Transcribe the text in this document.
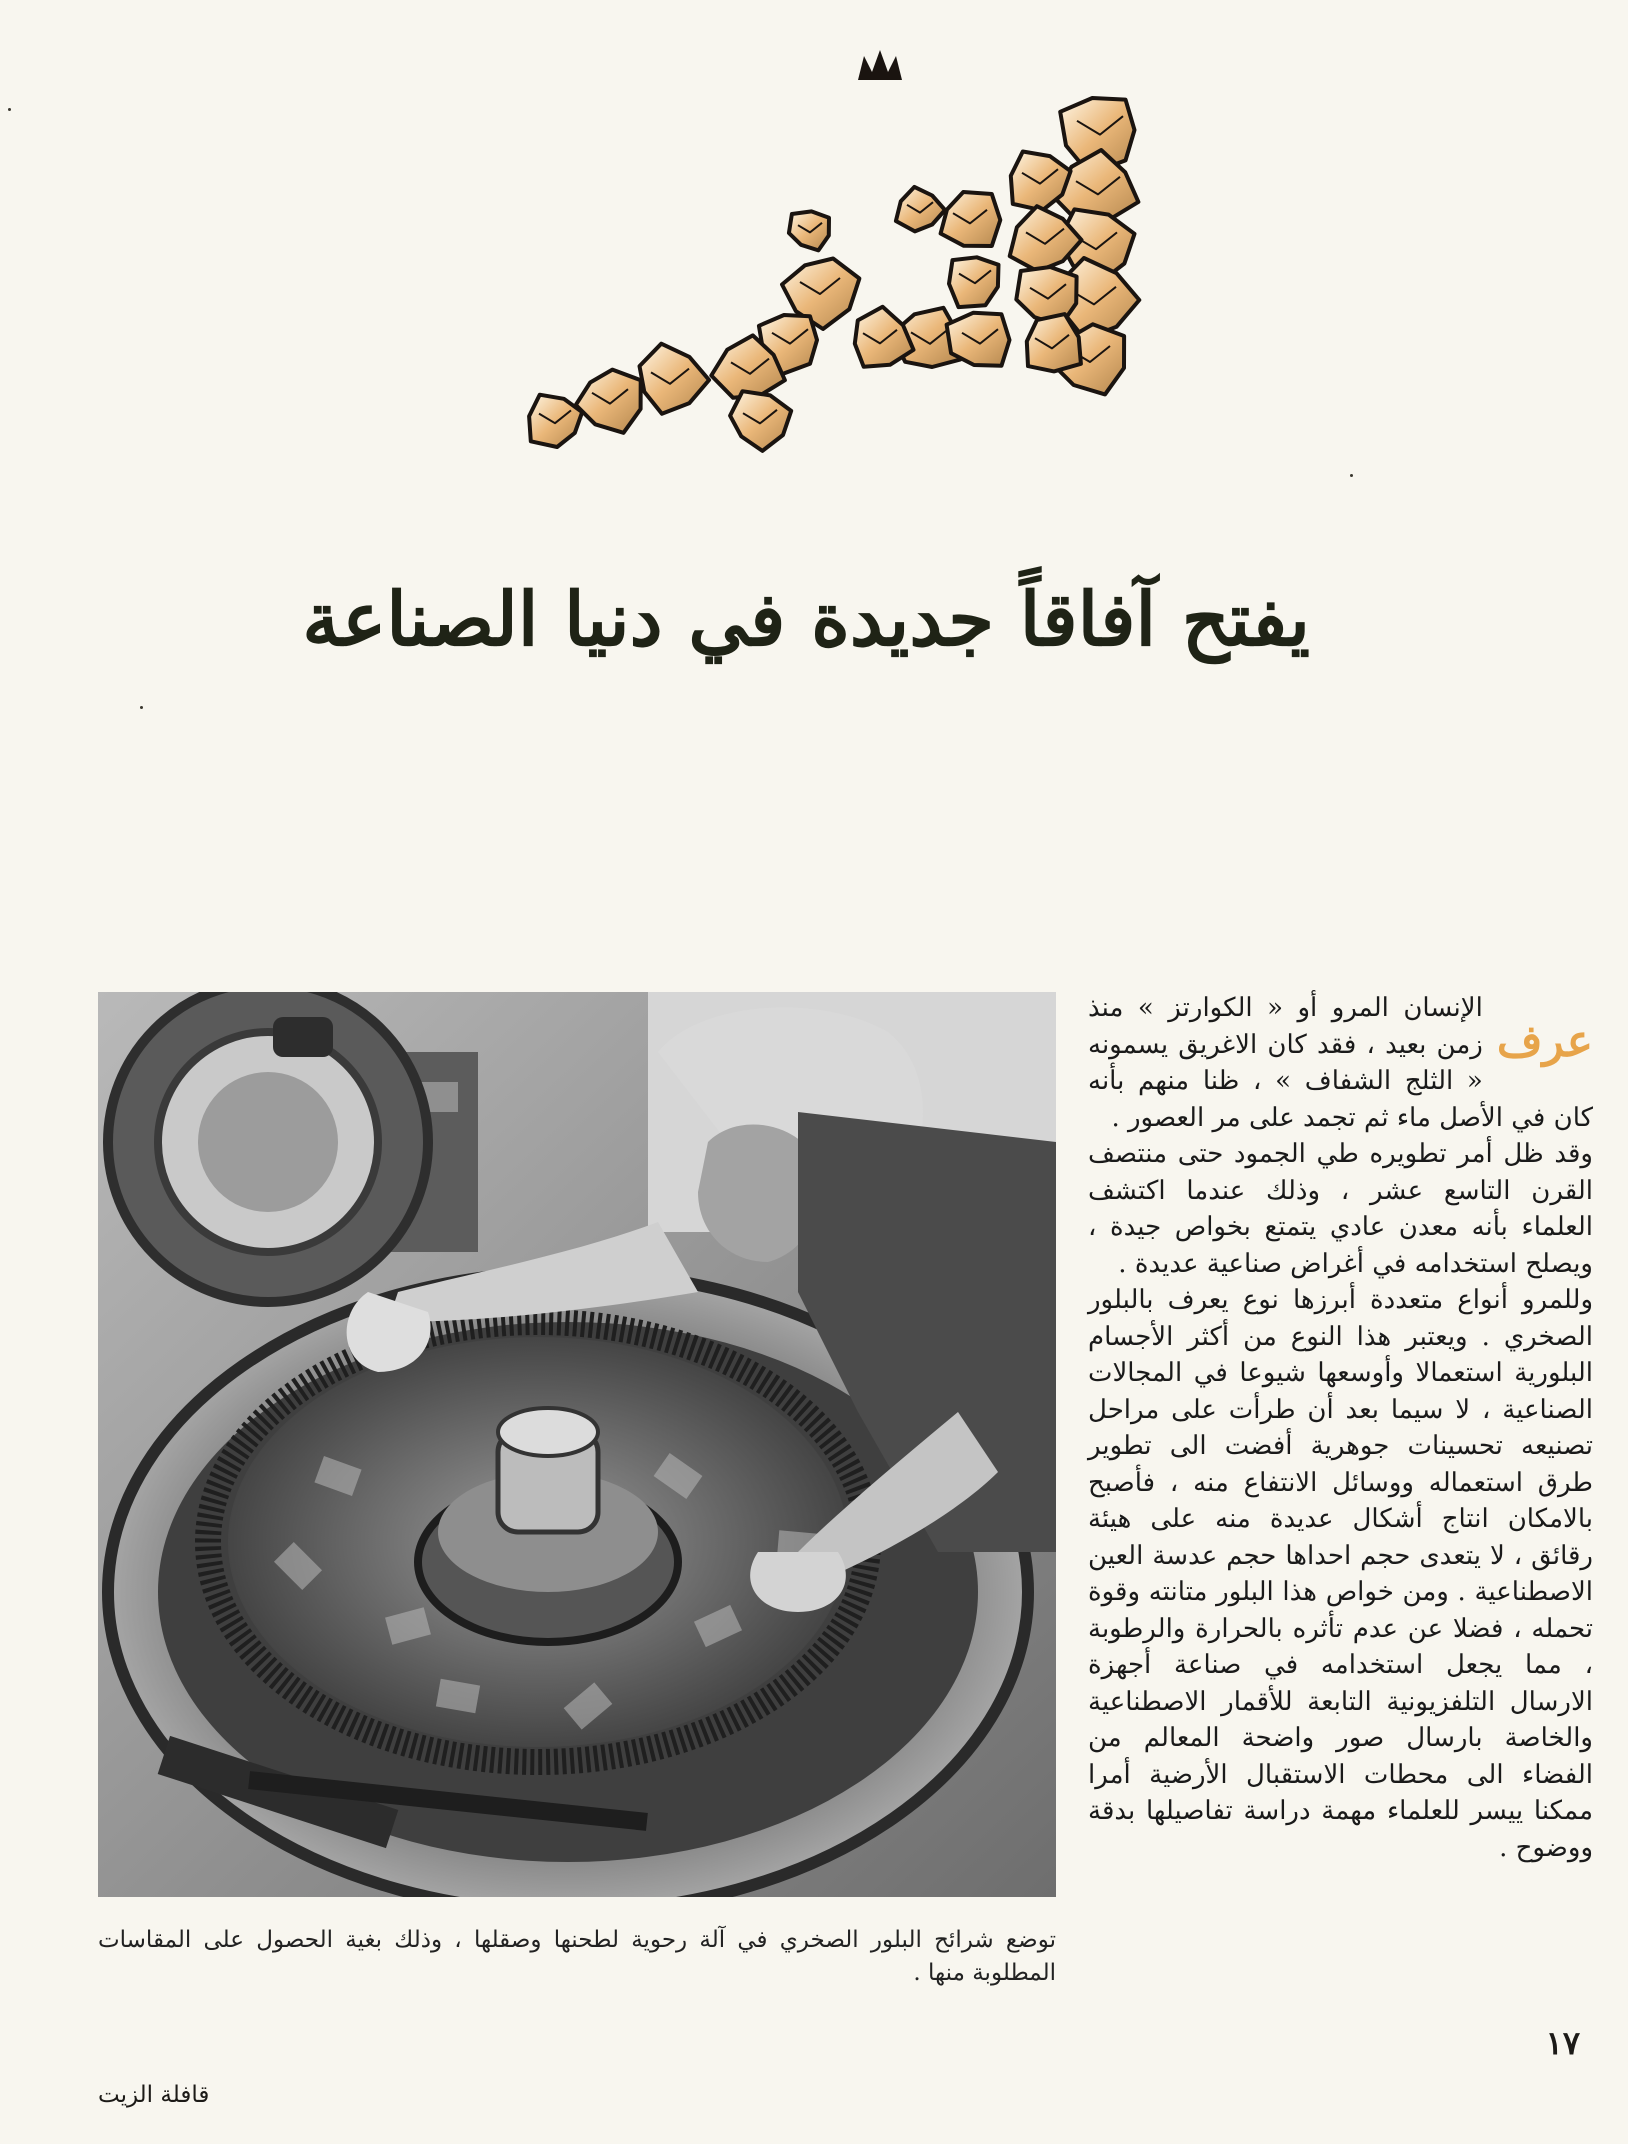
يفتح آفاقاً جديدة في دنيا الصناعة
توضع شرائح البلور الصخري في آلة رحوية لطحنها وصقلها ، وذلك بغية الحصول على المقاسات المطلوبة منها .
عرف

الإنسان المرو أو « الكوارتز » منذ زمن بعيد ، فقد كان الاغريق يسمونه « الثلج الشفاف » ، ظنا منهم بأنه كان في الأصل ماء ثم تجمد على مر العصور .

وقد ظل أمر تطويره طي الجمود حتى منتصف القرن التاسع عشر ، وذلك عندما اكتشف العلماء بأنه معدن عادي يتمتع بخواص جيدة ، ويصلح استخدامه في أغراض صناعية عديدة .

وللمرو أنواع متعددة أبرزها نوع يعرف بالبلور الصخري . ويعتبر هذا النوع من أكثر الأجسام البلورية استعمالا وأوسعها شيوعا في المجالات الصناعية ، لا سيما بعد أن طرأت على مراحل تصنيعه تحسينات جوهرية أفضت الى تطوير طرق استعماله ووسائل الانتفاع منه ، فأصبح بالامكان انتاج أشكال عديدة منه على هيئة رقائق ، لا يتعدى حجم احداها حجم عدسة العين الاصطناعية . ومن خواص هذا البلور متانته وقوة تحمله ، فضلا عن عدم تأثره بالحرارة والرطوبة ، مما يجعل استخدامه في صناعة أجهزة الارسال التلفزيونية التابعة للأقمار الاصطناعية والخاصة بارسال صور واضحة المعالم من الفضاء الى محطات الاستقبال الأرضية أمرا ممكنا ييسر للعلماء مهمة دراسة تفاصيلها بدقة ووضوح .

١٧
قافلة الزيت
